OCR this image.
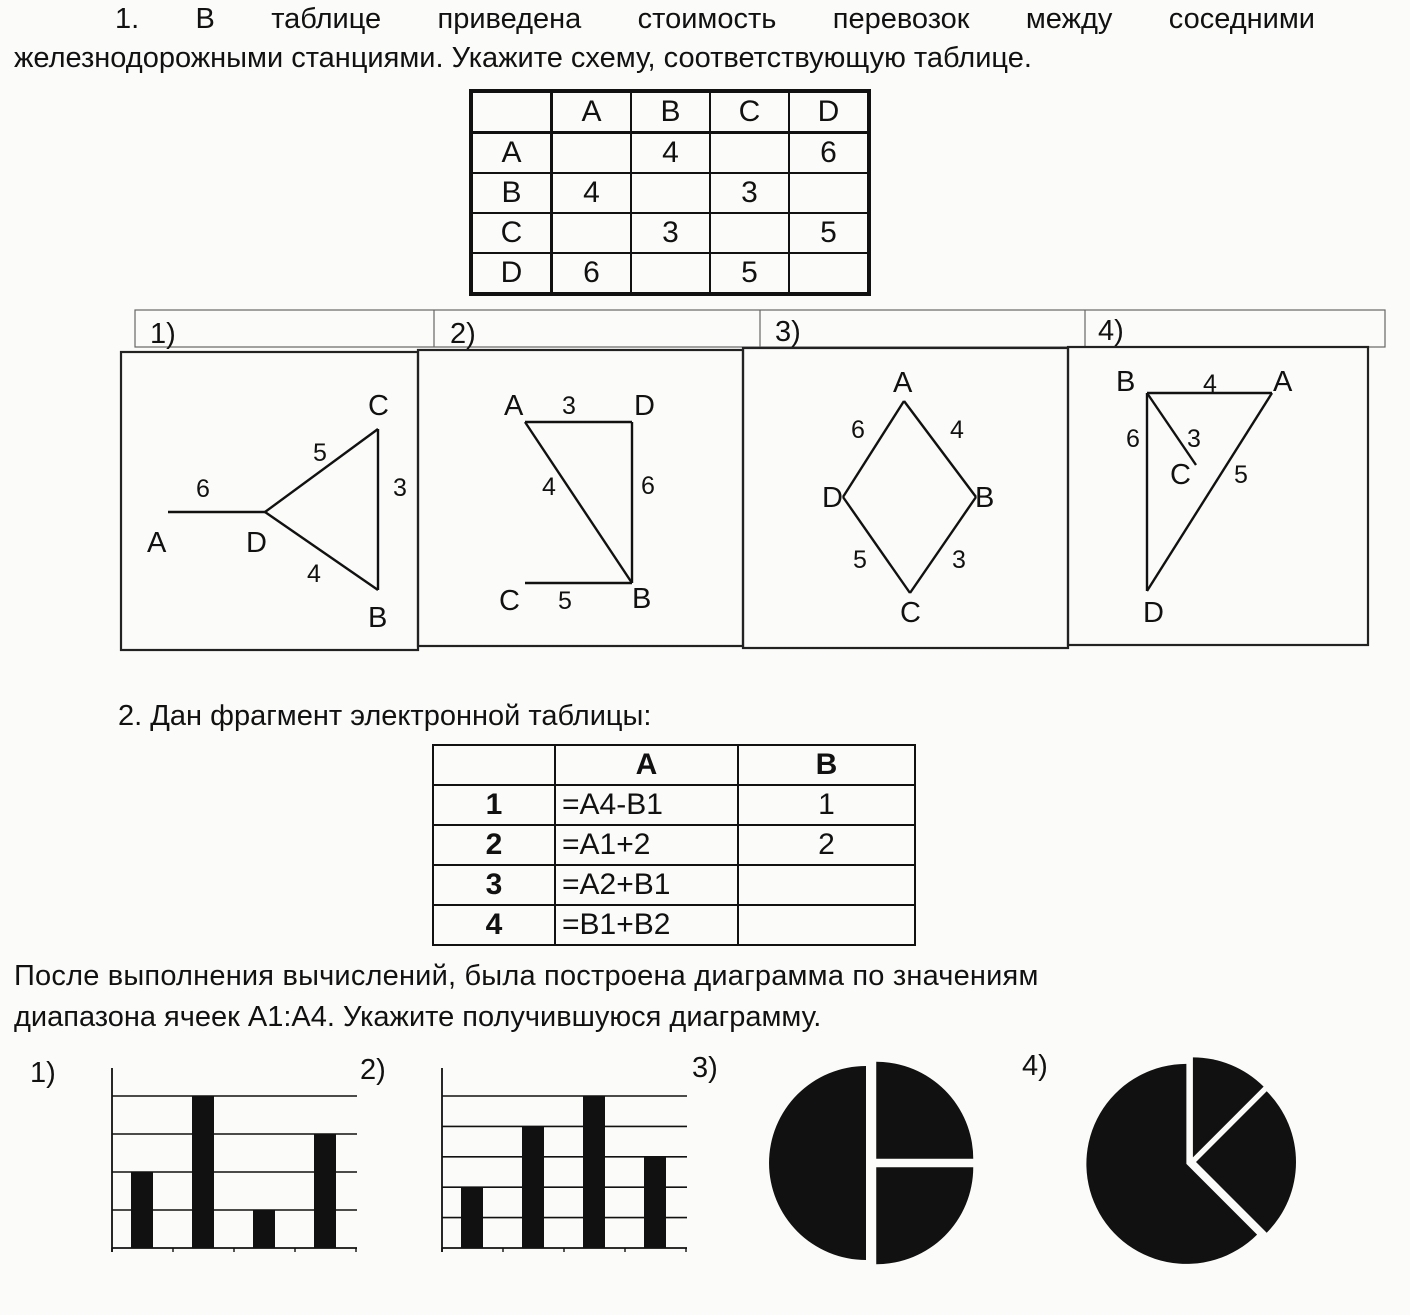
1. В таблице приведена стоимость перевозок между соседними
железнодорожными станциями. Укажите схему, соответствующую таблице.
	A	B	C	D
A		4		6
B	4		3	
C		3		5
D	6		5	
1)	2)	3)	4)
A	D
C
B
6
5
3
4
A	D
C	B
3
6
4
5
A
D	B
C
6	4
5	3
B	A
C
D
4
6 3
5
2. Дан фрагмент электронной таблицы:
	A	B
1	=A4-B1	1
2	=A1+2	2
3	=A2+B1	
4	=B1+B2	
После выполнения вычислений, была построена диаграмма по значениям
диапазона ячеек A1:A4. Укажите получившуюся диаграмму.
1)	2)	3)	4)
